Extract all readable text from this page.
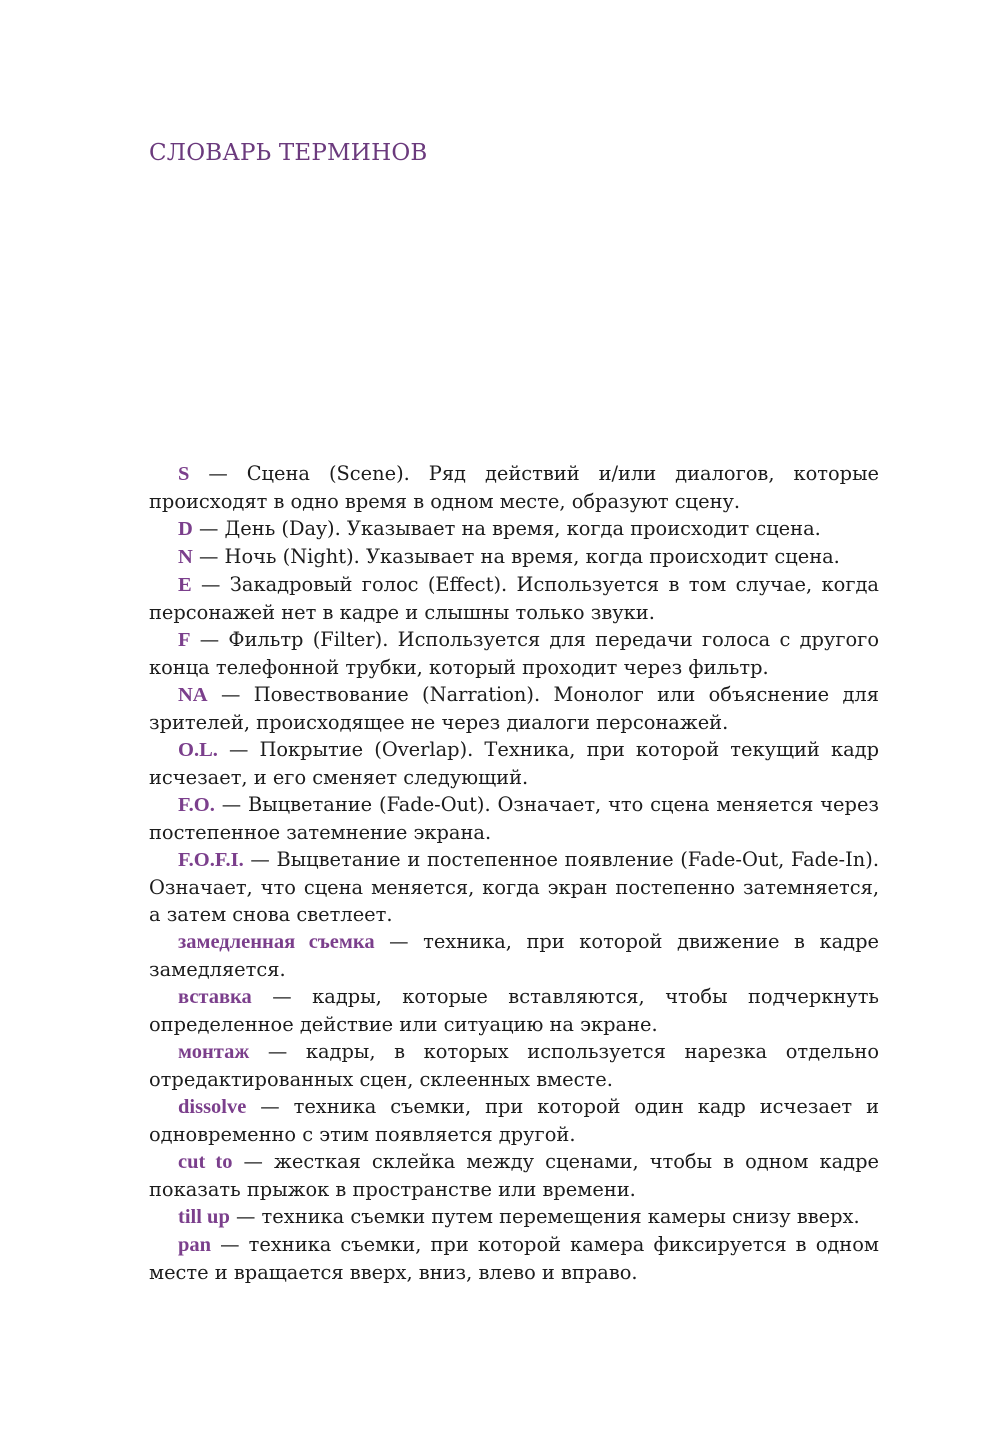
СЛОВАРЬ ТЕРМИНОВ

S — Сцена (Scene). Ряд действий и/или диалогов, которые происходят в одно время в одном месте, образуют сцену.

D — День (Day). Указывает на время, когда происходит сцена.

N — Ночь (Night). Указывает на время, когда происходит сцена.

E — Закадровый голос (Effect). Используется в том случае, когда персонажей нет в кадре и слышны только звуки.

F — Фильтр (Filter). Используется для передачи голоса с другого конца телефонной трубки, который проходит через фильтр.

NA — Повествование (Narration). Монолог или объяснение для зрителей, происходящее не через диалоги персонажей.

O.L. — Покрытие (Overlap). Техника, при которой текущий кадр исчезает, и его сменяет следующий.

F.O. — Выцветание (Fade-Out). Означает, что сцена меняется через постепенное затемнение экрана.

F.O.F.I. — Выцветание и постепенное появление (Fade-Out, Fade-In). Означает, что сцена меняется, когда экран постепенно затемняется, а затем снова светлеет.

замедленная съемка — техника, при которой движение в кадре замедляется.

вставка — кадры, которые вставляются, чтобы подчеркнуть определенное действие или ситуацию на экране.

монтаж — кадры, в которых используется нарезка отдельно отредактированных сцен, склеенных вместе.

dissolve — техника съемки, при которой один кадр исчезает и одновременно с этим появляется другой.

cut to — жесткая склейка между сценами, чтобы в одном кадре показать прыжок в пространстве или времени.

till up — техника съемки путем перемещения камеры снизу вверх.

pan — техника съемки, при которой камера фиксируется в одном месте и вращается вверх, вниз, влево и вправо.
